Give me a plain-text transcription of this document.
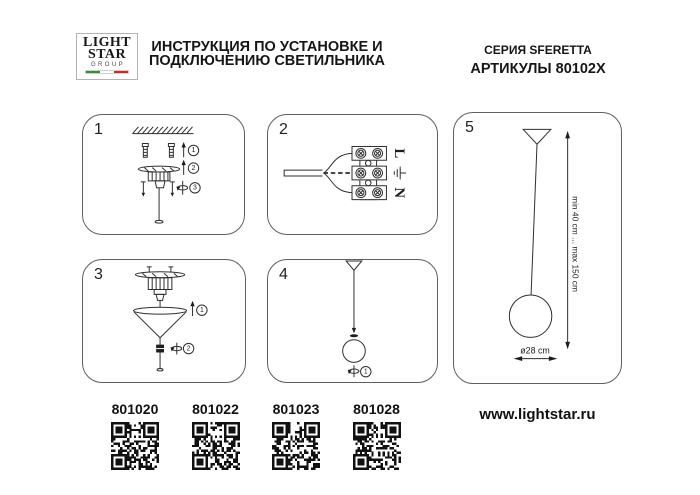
LIGHT
STAR
GROUP
ИНСТРУКЦИЯ ПО УСТАНОВКЕ И
ПОДКЛЮЧЕНИЮ СВЕТИЛЬНИКА
СЕРИЯ SFERETTA
АРТИКУЛЫ 80102X
1
1
2
3
2
L
N
3
1
2
4
1
5
min 40 cm ... max 150 cm
ø28 cm
801020	801022	801023	801028	www.lightstar.ru
